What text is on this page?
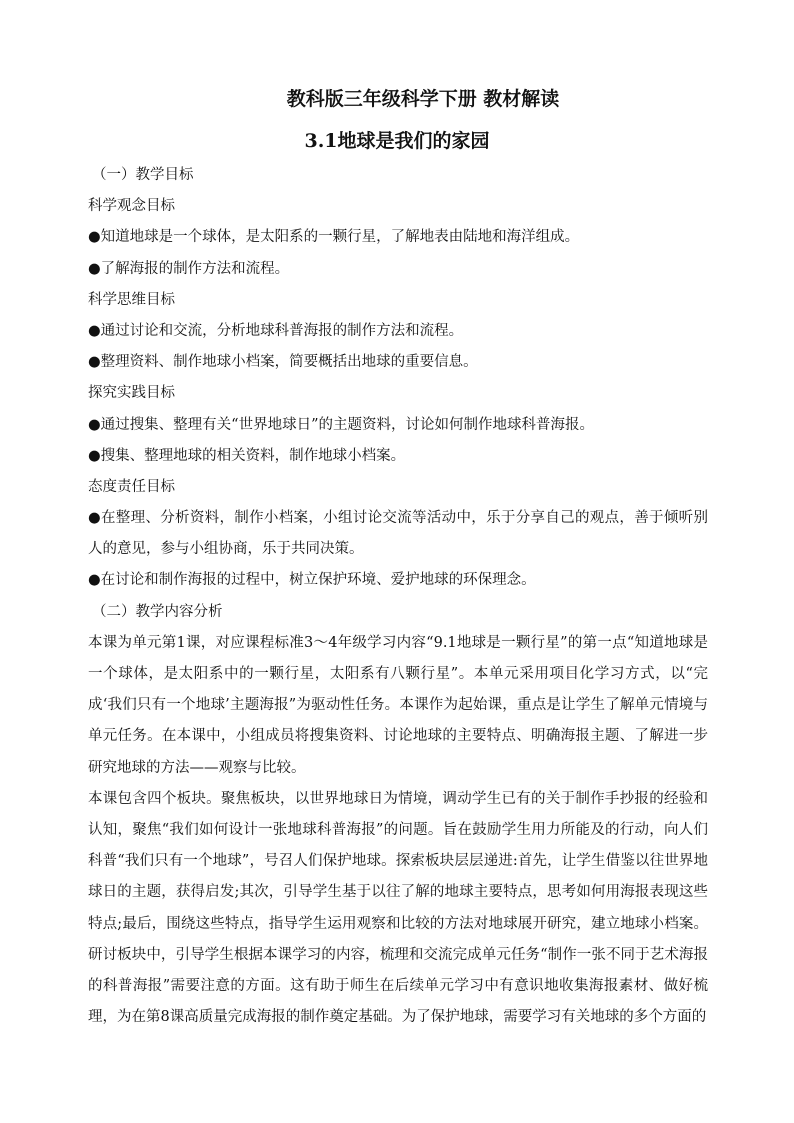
教科版三年级科学下册 教材解读
3.1地球是我们的家园
（一）教学目标
科学观念目标
●知道地球是一个球体，是太阳系的一颗行星，了解地表由陆地和海洋组成。
●了解海报的制作方法和流程。
科学思维目标
●通过讨论和交流，分析地球科普海报的制作方法和流程。
●整理资料、制作地球小档案，简要概括出地球的重要信息。
探究实践目标
●通过搜集、整理有关“世界地球日”的主题资料，讨论如何制作地球科普海报。
●搜集、整理地球的相关资料，制作地球小档案。
态度责任目标
●在整理、分析资料，制作小档案，小组讨论交流等活动中，乐于分享自己的观点，善于倾听别人的意见，参与小组协商，乐于共同决策。
●在讨论和制作海报的过程中，树立保护环境、爱护地球的环保理念。
（二）教学内容分析
本课为单元第1课，对应课程标准3～4年级学习内容“9.1地球是一颗行星”的第一点“知道地球是一个球体，是太阳系中的一颗行星，太阳系有八颗行星”。本单元采用项目化学习方式，以“完成‘我们只有一个地球’主题海报”为驱动性任务。本课作为起始课，重点是让学生了解单元情境与单元任务。在本课中，小组成员将搜集资料、讨论地球的主要特点、明确海报主题、了解进一步研究地球的方法——观察与比较。
本课包含四个板块。聚焦板块，以世界地球日为情境，调动学生已有的关于制作手抄报的经验和认知，聚焦“我们如何设计一张地球科普海报”的问题。旨在鼓励学生用力所能及的行动，向人们科普“我们只有一个地球”，号召人们保护地球。探索板块层层递进:首先，让学生借鉴以往世界地球日的主题，获得启发;其次，引导学生基于以往了解的地球主要特点，思考如何用海报表现这些特点;最后，围绕这些特点，指导学生运用观察和比较的方法对地球展开研究，建立地球小档案。研讨板块中，引导学生根据本课学习的内容，梳理和交流完成单元任务“制作一张不同于艺术海报的科普海报”需要注意的方面。这有助于师生在后续单元学习中有意识地收集海报素材、做好梳理，为在第8课高质量完成海报的制作奠定基础。为了保护地球，需要学习有关地球的多个方面的
